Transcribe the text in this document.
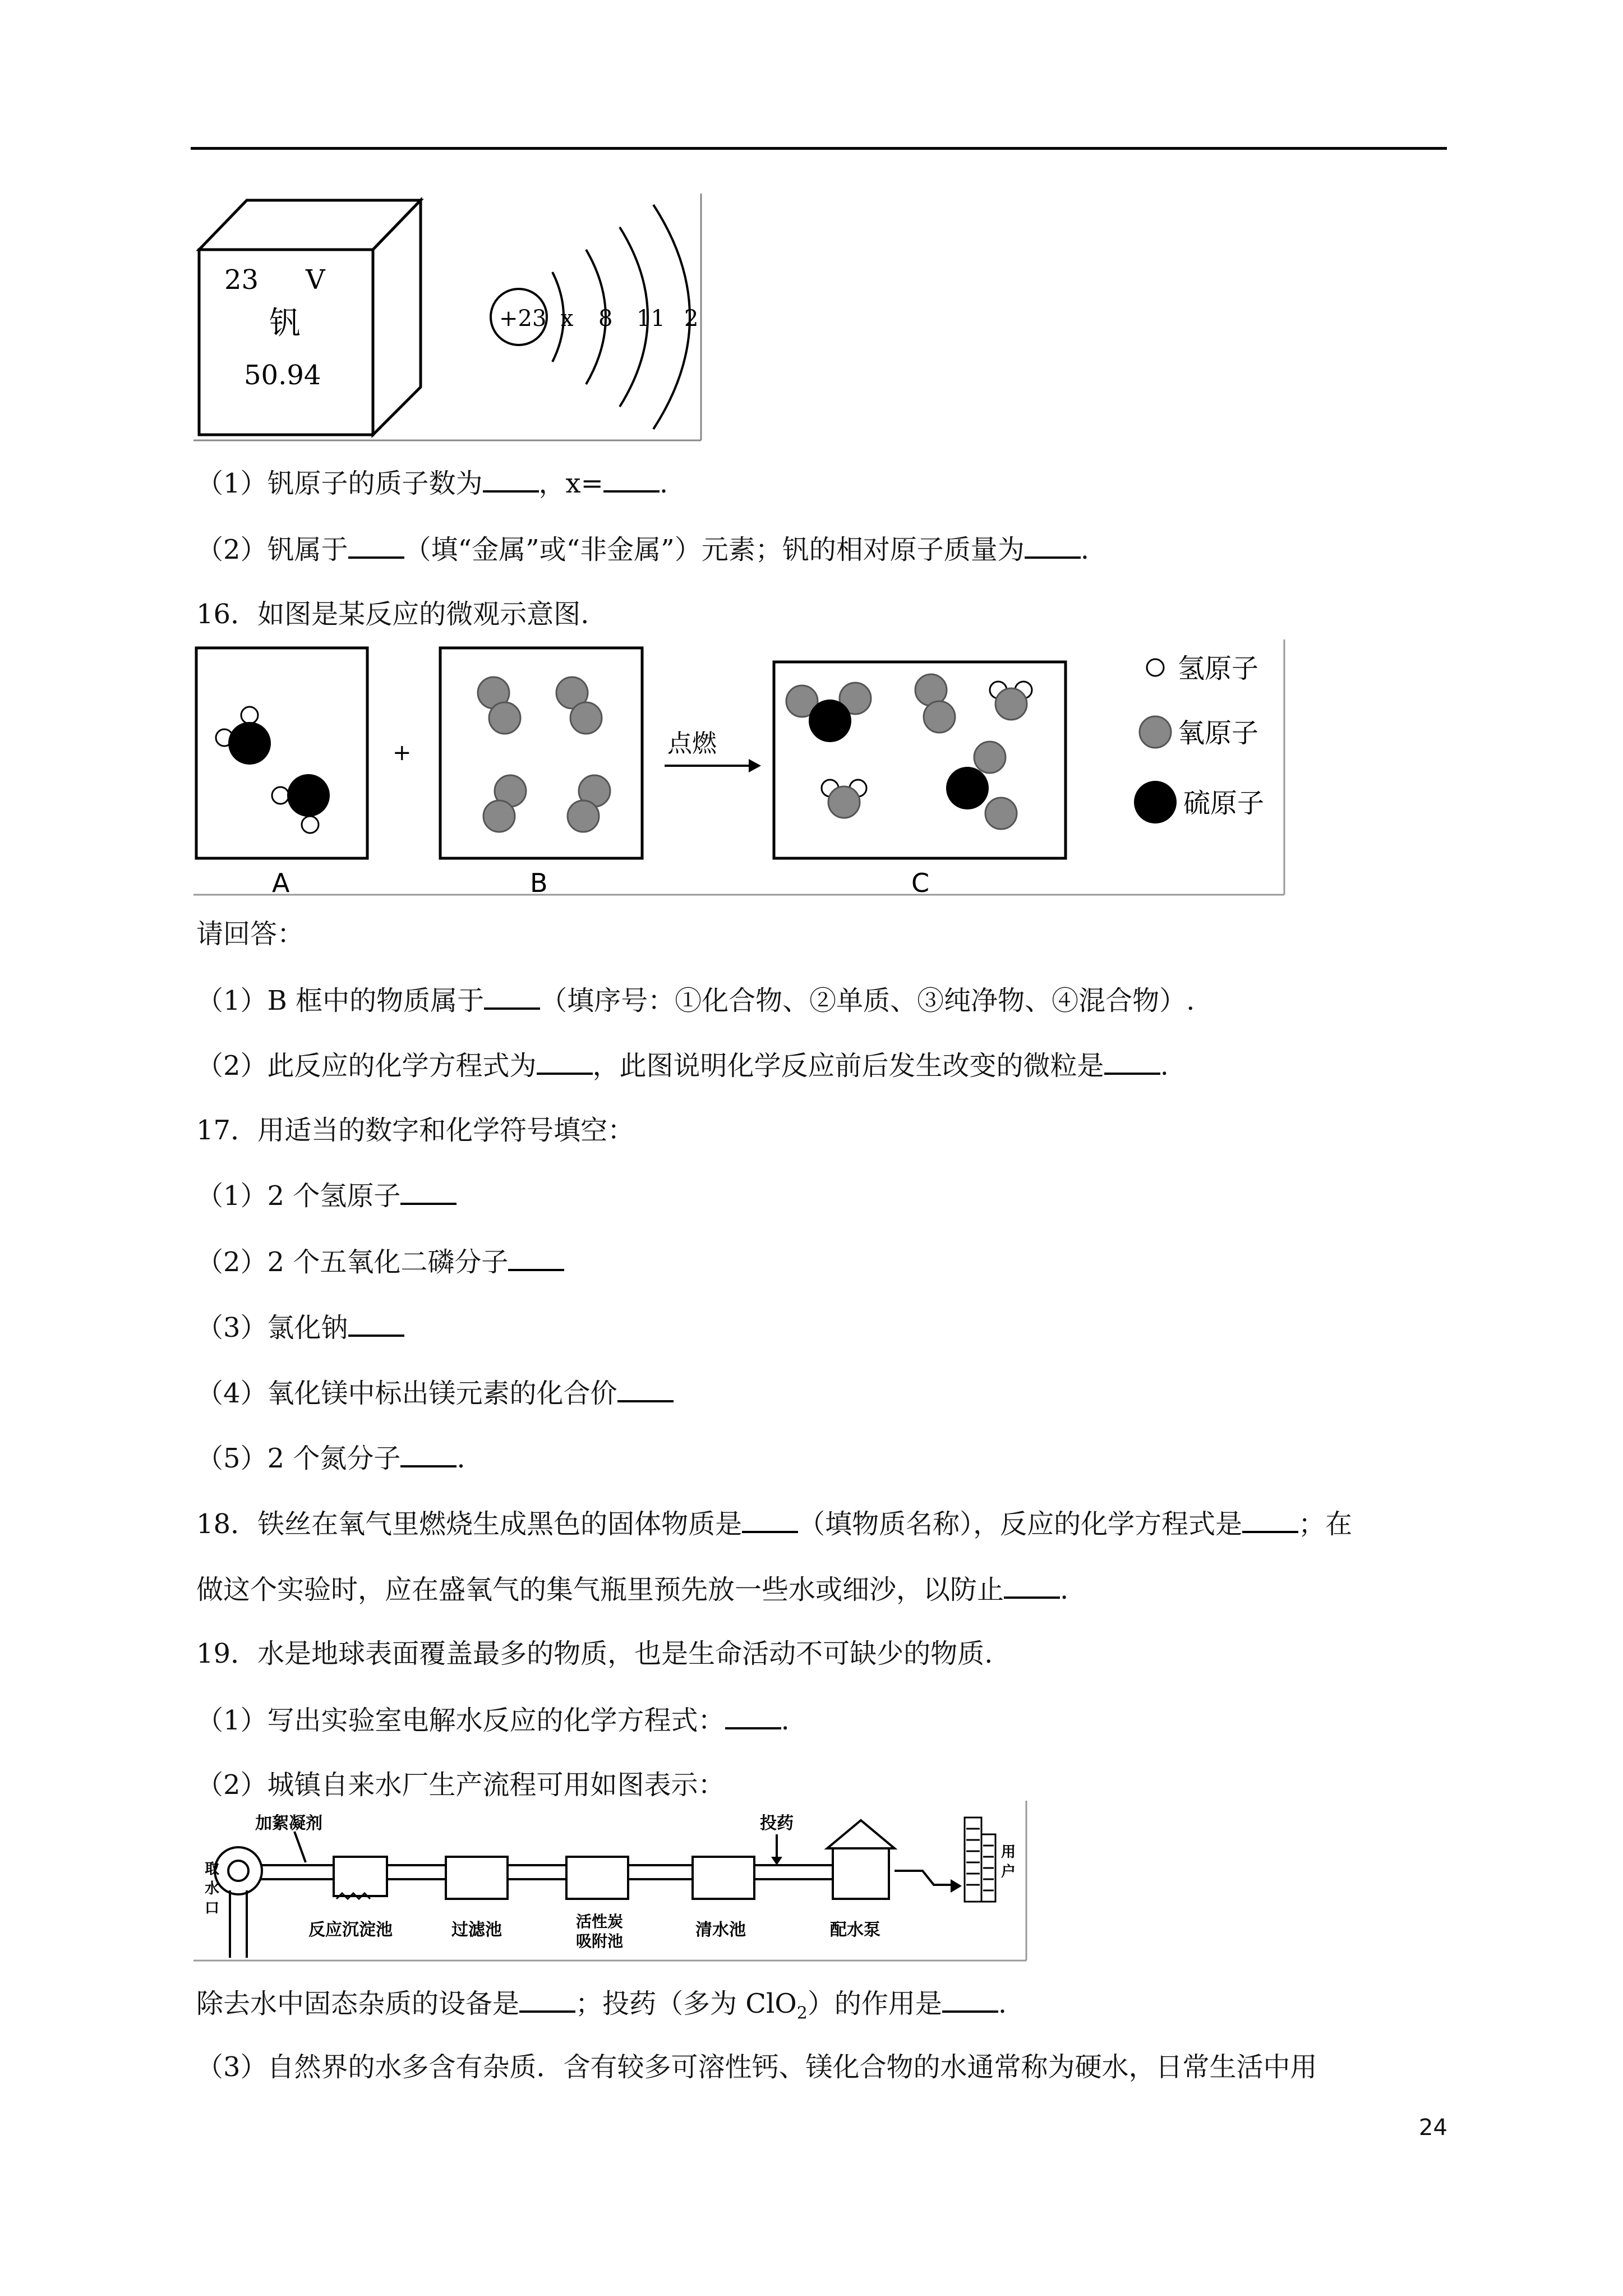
23 V
钒
50.94
+23 x 8 11 2
（1）钒原子的质子数为 ，x= .
（2）钒属于 （填“金属”或“非金属”）元素；钒的相对原子质量为 .
16．如图是某反应的微观示意图.
A
+
B
点燃
C
氢原子
氧原子
硫原子
请回答：
（1）B 框中的物质属于 （填序号：①化合物、②单质、③纯净物、④混合物）.
（2）此反应的化学方程式为 ，此图说明化学反应前后发生改变的微粒是 .
17．用适当的数字和化学符号填空：
（1）2 个氢原子
（2）2 个五氧化二磷分子
（3）氯化钠
（4）氧化镁中标出镁元素的化合价
（5）2 个氮分子 .
18．铁丝在氧气里燃烧生成黑色的固体物质是 （填物质名称），反应的化学方程式是 ；在
做这个实验时，应在盛氧气的集气瓶里预先放一些水或细沙，以防止 .
19．水是地球表面覆盖最多的物质，也是生命活动不可缺少的物质.
（1）写出实验室电解水反应的化学方程式： .
（2）城镇自来水厂生产流程可用如图表示：
取水口
加絮凝剂	投药
用户
反应沉淀池	过滤池	活性炭吸附池
清水池	配水泵
除去水中固态杂质的设备是 ；投药（多为 ClO$_2$）的作用是 .
（3）自然界的水多含有杂质．含有较多可溶性钙、镁化合物的水通常称为硬水，日常生活中用
24
